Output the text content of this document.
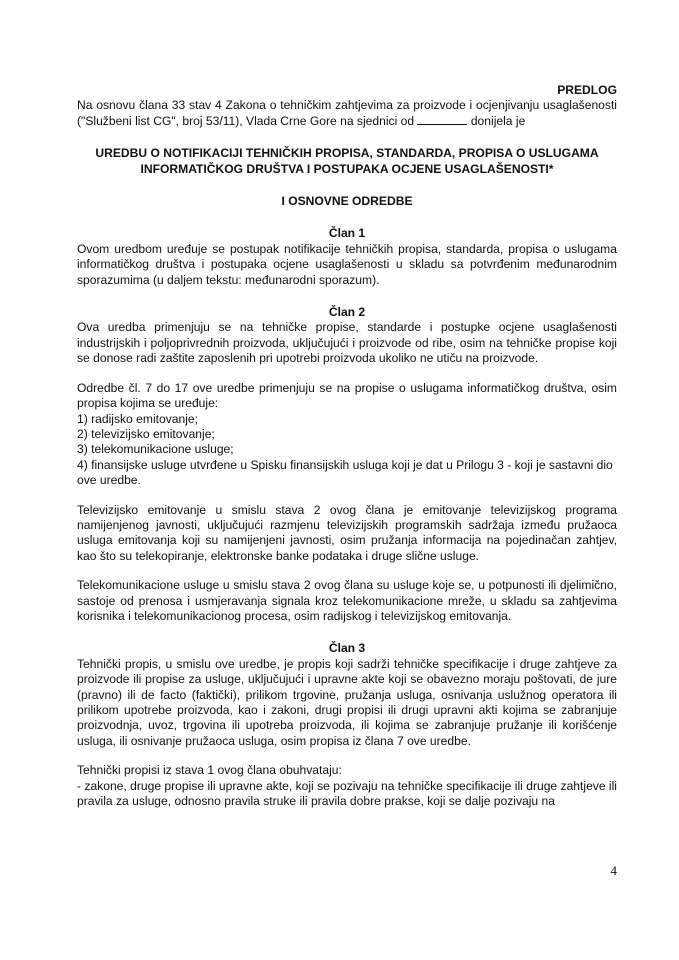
PREDLOG

Na osnovu člana 33 stav 4 Zakona o tehničkim zahtjevima za proizvode i ocjenjivanju usaglašenosti ("Službeni list CG", broj 53/11), Vlada Crne Gore na sjednici od	donijela je

UREDBU O NOTIFIKACIJI TEHNIČKIH PROPISA, STANDARDA, PROPISA O USLUGAMA INFORMATIČKOG DRUŠTVA I POSTUPAKA OCJENE USAGLAŠENOSTI*

I OSNOVNE ODREDBE

Član 1

Ovom uredbom uređuje se postupak notifikacije tehničkih propisa, standarda, propisa o uslugama informatičkog društva i postupaka ocjene usaglašenosti u skladu sa potvrđenim međunarodnim sporazumima (u daljem tekstu: međunarodni sporazum).

Član 2

Ova uredba primenjuju se na tehničke propise, standarde i postupke ocjene usaglašenosti industrijskih i poljoprivrednih proizvoda, uključujući i proizvode od ribe, osim na tehničke propise koji se donose radi zaštite zaposlenih pri upotrebi proizvoda ukoliko ne utiču na proizvode.

Odredbe čl. 7 do 17 ove uredbe primenjuju se na propise o uslugama informatičkog društva, osim propisa kojima se uređuje:

1) radijsko emitovanje;

2) televizijsko emitovanje;

3) telekomunikacione usluge;

4) finansijske usluge utvrđene u Spisku finansijskih usluga koji je dat u Prilogu 3 - koji je sastavni dio ove uredbe.

Televizijsko emitovanje u smislu stava 2 ovog člana je emitovanje televizijskog programa namijenjenog javnosti, uključujući razmjenu televizijskih programskih sadržaja između pružaoca usluga emitovanja koji su namijenjeni javnosti, osim pružanja informacija na pojedinačan zahtjev, kao što su telekopiranje, elektronske banke podataka i druge slične usluge.

Telekomunikacione usluge u smislu stava 2 ovog člana su usluge koje se, u potpunosti ili djelimično, sastoje od prenosa i usmjeravanja signala kroz telekomunikacione mreže, u skladu sa zahtjevima korisnika i telekomunikacionog procesa, osim radijskog i televizijskog emitovanja.

Član 3

Tehnički propis, u smislu ove uredbe, je propis koji sadrži tehničke specifikacije i druge zahtjeve za proizvode ili propise za usluge, uključujući i upravne akte koji se obavezno moraju poštovati, de jure (pravno) ili de facto (faktički), prilikom trgovine, pružanja usluga, osnivanja uslužnog operatora ili prilikom upotrebe proizvoda, kao i zakoni, drugi propisi ili drugi upravni akti kojima se zabranjuje proizvodnja, uvoz, trgovina ili upotreba proizvoda, ili kojima se zabranjuje pružanje ili korišćenje usluga, ili osnivanje pružaoca usluga, osim propisa iz člana 7 ove uredbe.

Tehnički propisi iz stava 1 ovog člana obuhvataju:

- zakone, druge propise ili upravne akte, koji se pozivaju na tehničke specifikacije ili druge zahtjeve ili pravila za usluge, odnosno pravila struke ili pravila dobre prakse, koji se dalje pozivaju na

4
